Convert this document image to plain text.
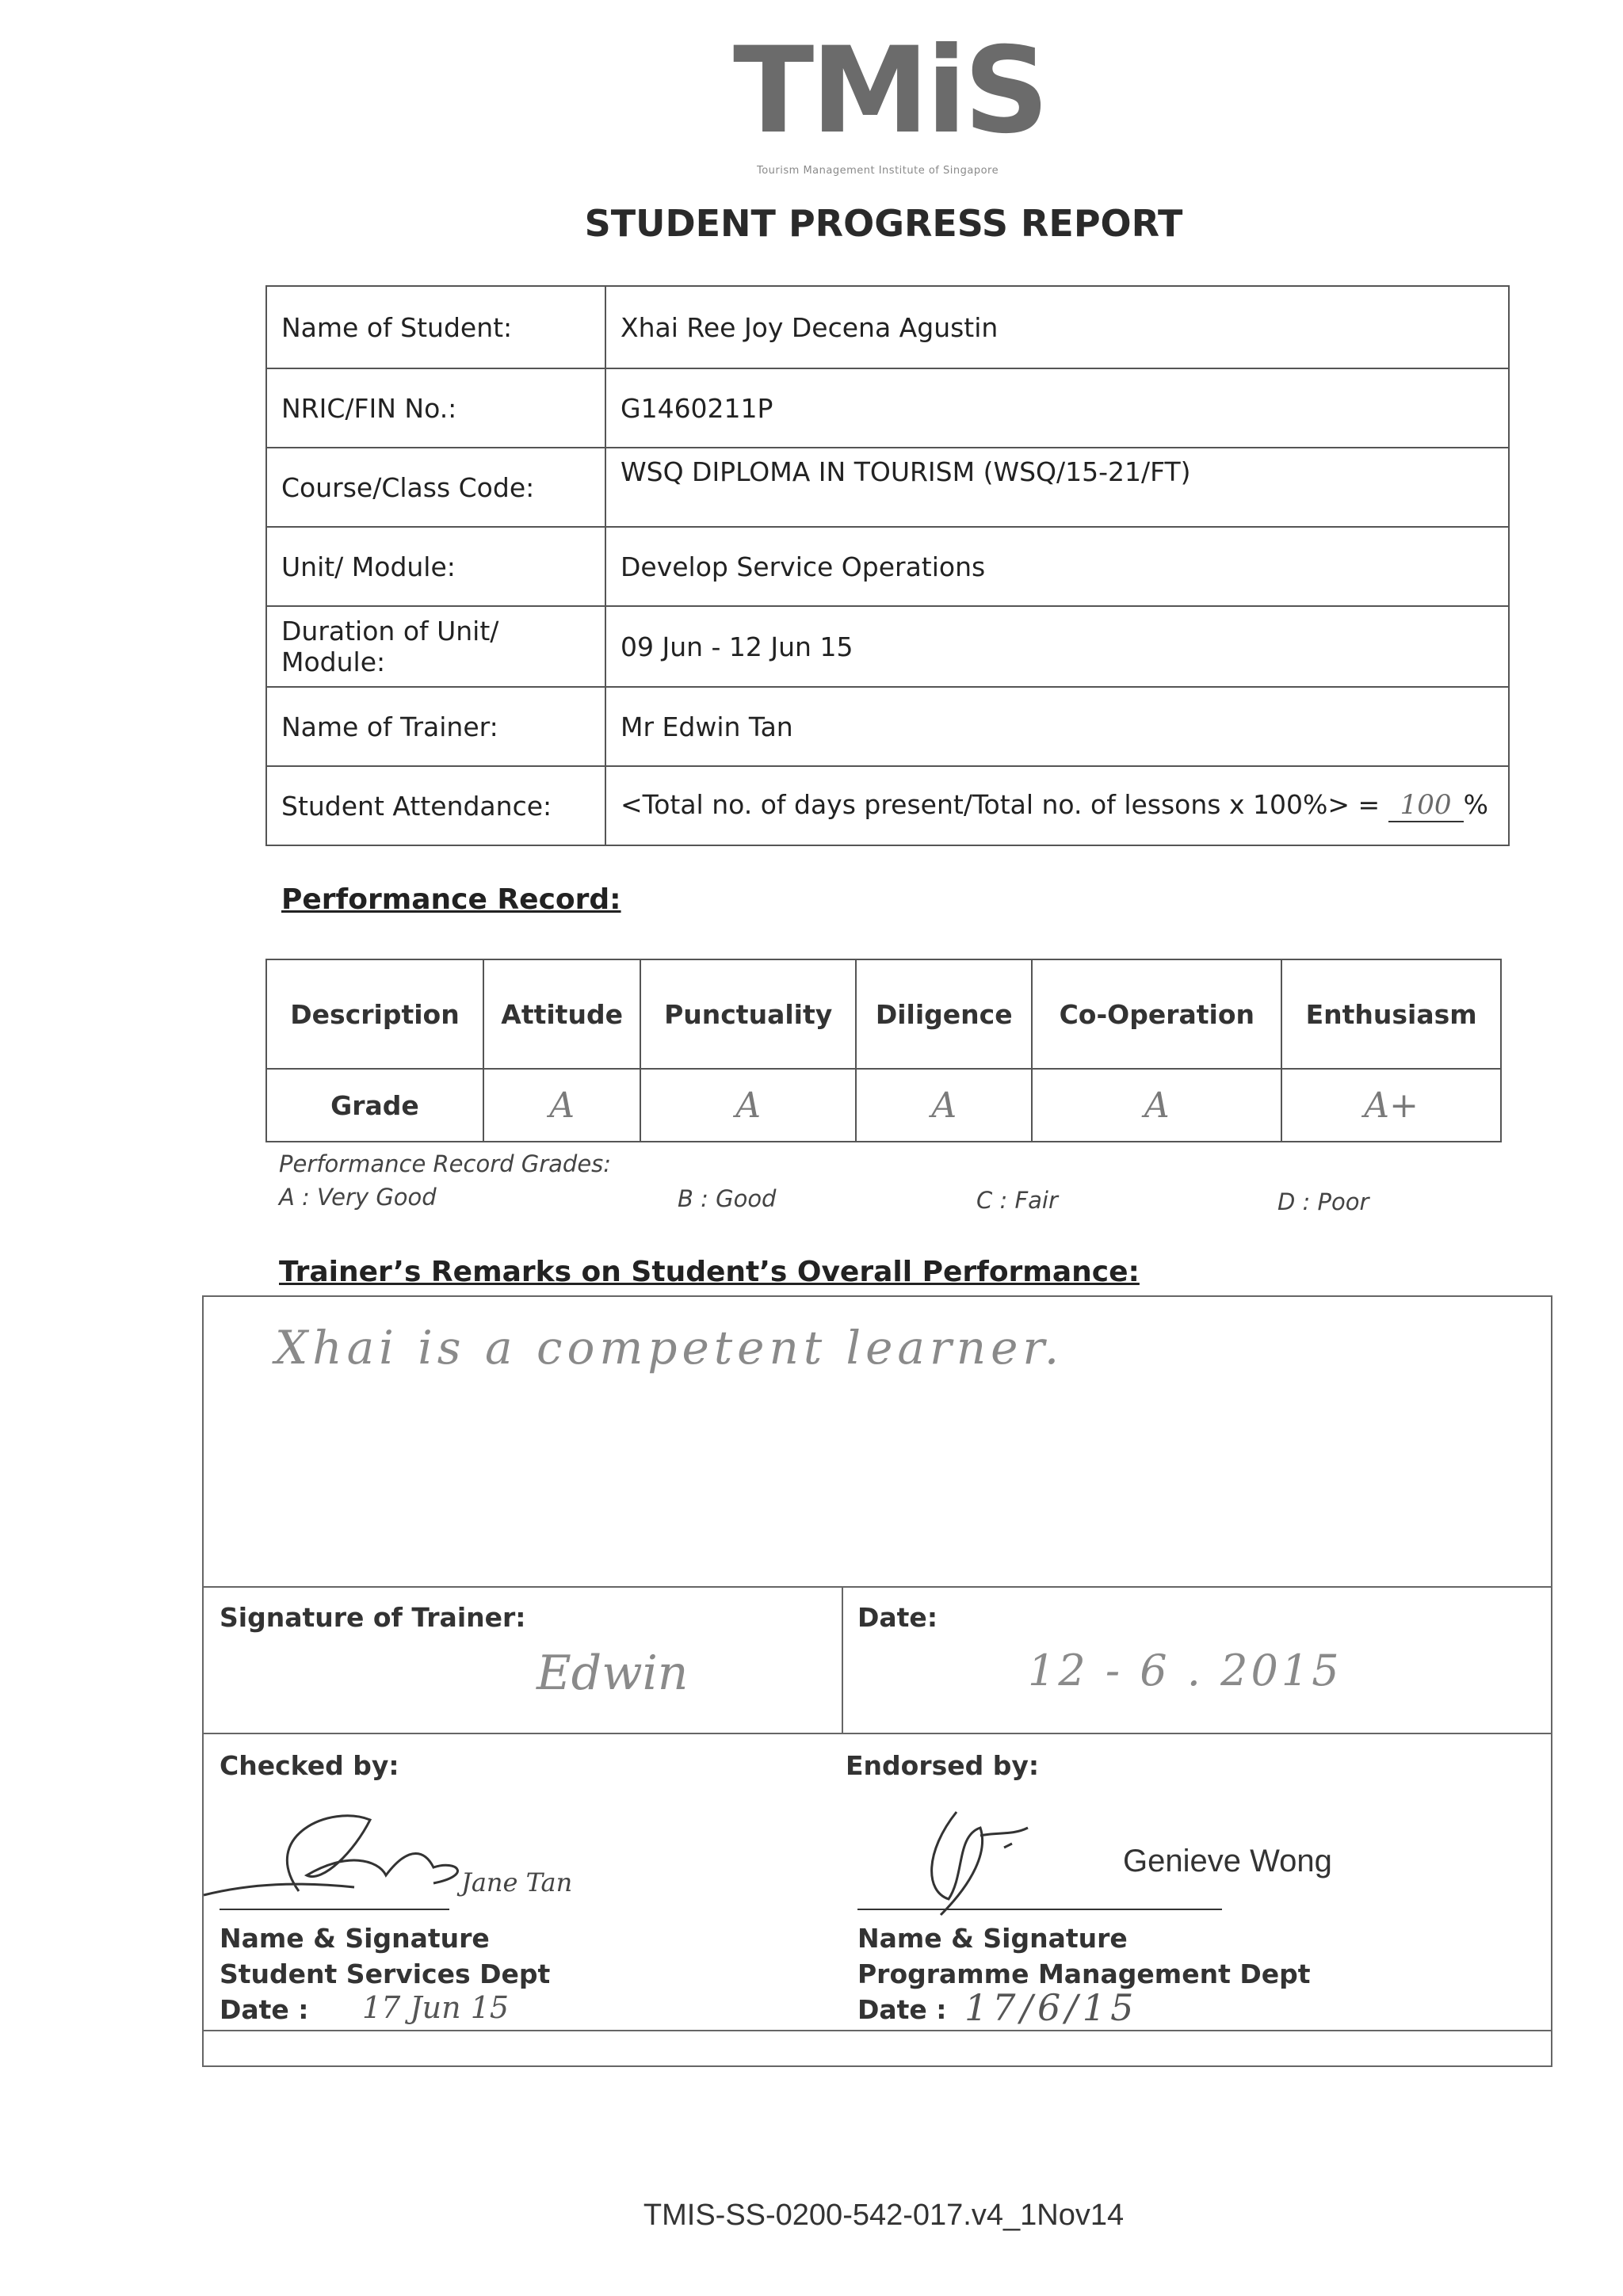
TMiS
Tourism Management Institute of Singapore
STUDENT PROGRESS REPORT
Name of Student:	Xhai Ree Joy Decena Agustin
NRIC/FIN No.:	G1460211P
Course/Class Code:	WSQ DIPLOMA IN TOURISM (WSQ/15-21/FT)
Unit/ Module:	Develop Service Operations
Duration of Unit/ Module:	09 Jun - 12 Jun 15
Name of Trainer:	Mr Edwin Tan
Student Attendance:	<Total no. of days present/Total no. of lessons x 100%> = 100 %
Performance Record:
Description	Attitude	Punctuality	Diligence	Co-Operation	Enthusiasm
Grade	A	A	A	A	A+
Performance Record Grades:
A : Very Good	B : Good	C : Fair	D : Poor
Trainer’s Remarks on Student’s Overall Performance:
Xhai is a competent learner.
Signature of Trainer:
Edwin
Date:
12 - 6 . 2015
Checked by:	Endorsed by:
Jane Tan
Name & Signature
Student Services Dept
Date : 17 Jun 15
Genieve Wong
Name & Signature
Programme Management Dept
Date : 17/6/15
TMIS-SS-0200-542-017.v4_1Nov14
